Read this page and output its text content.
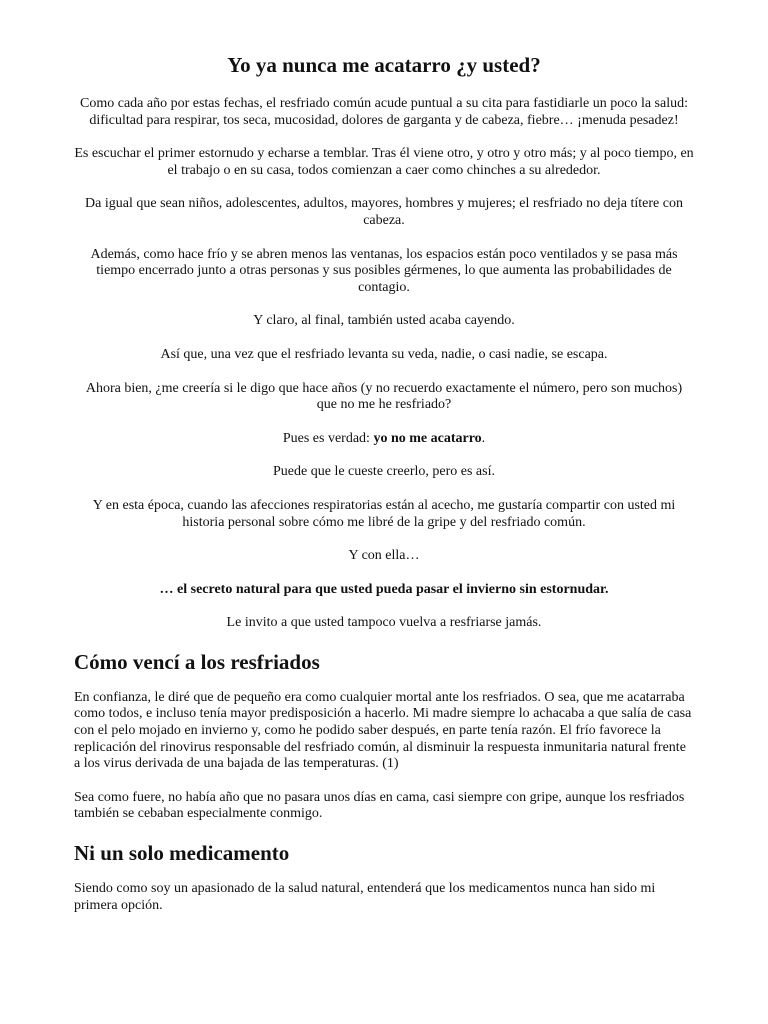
Yo ya nunca me acatarro ¿y usted?

Como cada año por estas fechas, el resfriado común acude puntual a su cita para fastidiarle un poco la salud: dificultad para respirar, tos seca, mucosidad, dolores de garganta y de cabeza, fiebre… ¡menuda pesadez!

Es escuchar el primer estornudo y echarse a temblar. Tras él viene otro, y otro y otro más; y al poco tiempo, en el trabajo o en su casa, todos comienzan a caer como chinches a su alrededor.

Da igual que sean niños, adolescentes, adultos, mayores, hombres y mujeres; el resfriado no deja títere con cabeza.

Además, como hace frío y se abren menos las ventanas, los espacios están poco ventilados y se pasa más tiempo encerrado junto a otras personas y sus posibles gérmenes, lo que aumenta las probabilidades de contagio.

Y claro, al final, también usted acaba cayendo.

Así que, una vez que el resfriado levanta su veda, nadie, o casi nadie, se escapa.

Ahora bien, ¿me creería si le digo que hace años (y no recuerdo exactamente el número, pero son muchos) que no me he resfriado?

Pues es verdad: yo no me acatarro.

Puede que le cueste creerlo, pero es así.

Y en esta época, cuando las afecciones respiratorias están al acecho, me gustaría compartir con usted mi historia personal sobre cómo me libré de la gripe y del resfriado común.

Y con ella…

… el secreto natural para que usted pueda pasar el invierno sin estornudar.

Le invito a que usted tampoco vuelva a resfriarse jamás.

Cómo vencí a los resfriados

En confianza, le diré que de pequeño era como cualquier mortal ante los resfriados. O sea, que me acatarraba como todos, e incluso tenía mayor predisposición a hacerlo. Mi madre siempre lo achacaba a que salía de casa con el pelo mojado en invierno y, como he podido saber después, en parte tenía razón. El frío favorece la replicación del rinovirus responsable del resfriado común, al disminuir la respuesta inmunitaria natural frente a los virus derivada de una bajada de las temperaturas. (1)

Sea como fuere, no había año que no pasara unos días en cama, casi siempre con gripe, aunque los resfriados también se cebaban especialmente conmigo.

Ni un solo medicamento

Siendo como soy un apasionado de la salud natural, entenderá que los medicamentos nunca han sido mi primera opción.
